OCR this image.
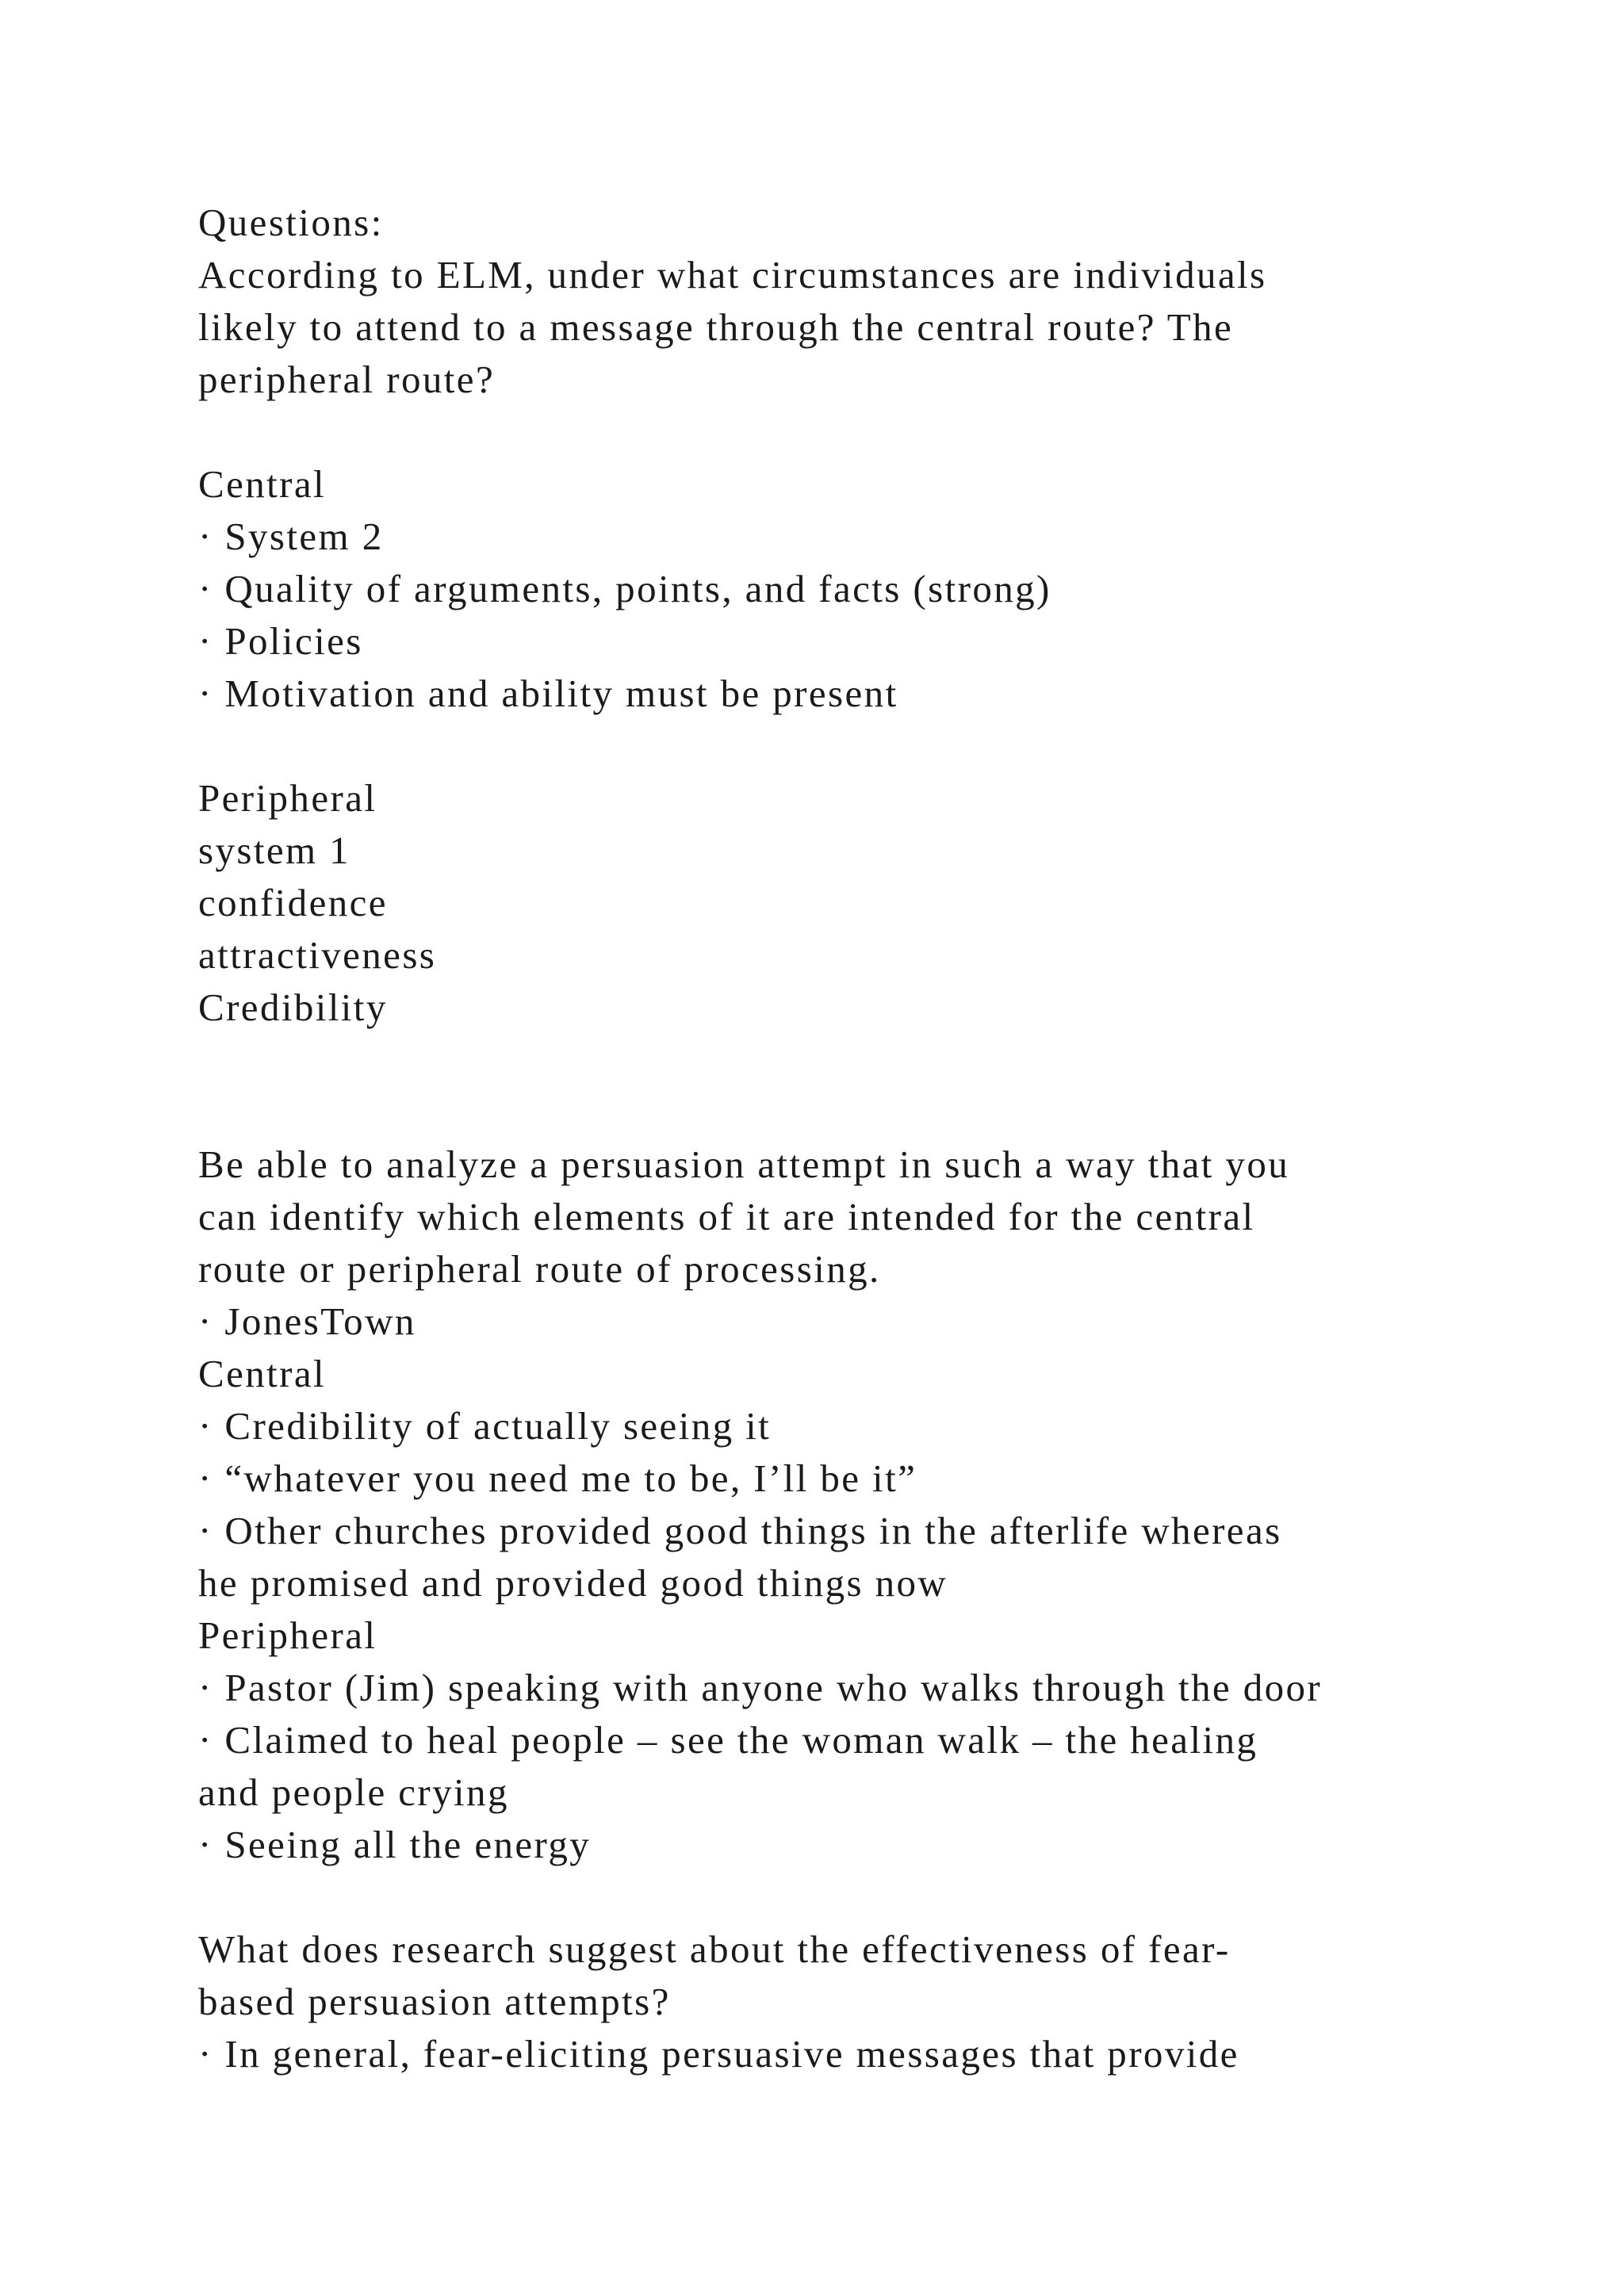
Questions:
According to ELM, under what circumstances are individuals
likely to attend to a message through the central route? The
peripheral route?
Central
· System 2
· Quality of arguments, points, and facts (strong)
· Policies
· Motivation and ability must be present
Peripheral
system 1
confidence
attractiveness
Credibility
Be able to analyze a persuasion attempt in such a way that you
can identify which elements of it are intended for the central
route or peripheral route of processing.
· JonesTown
Central
· Credibility of actually seeing it
· “whatever you need me to be, I’ll be it”
· Other churches provided good things in the afterlife whereas
he promised and provided good things now
Peripheral
· Pastor (Jim) speaking with anyone who walks through the door
· Claimed to heal people – see the woman walk – the healing
and people crying
· Seeing all the energy
What does research suggest about the effectiveness of fear-
based persuasion attempts?
· In general, fear-eliciting persuasive messages that provide
